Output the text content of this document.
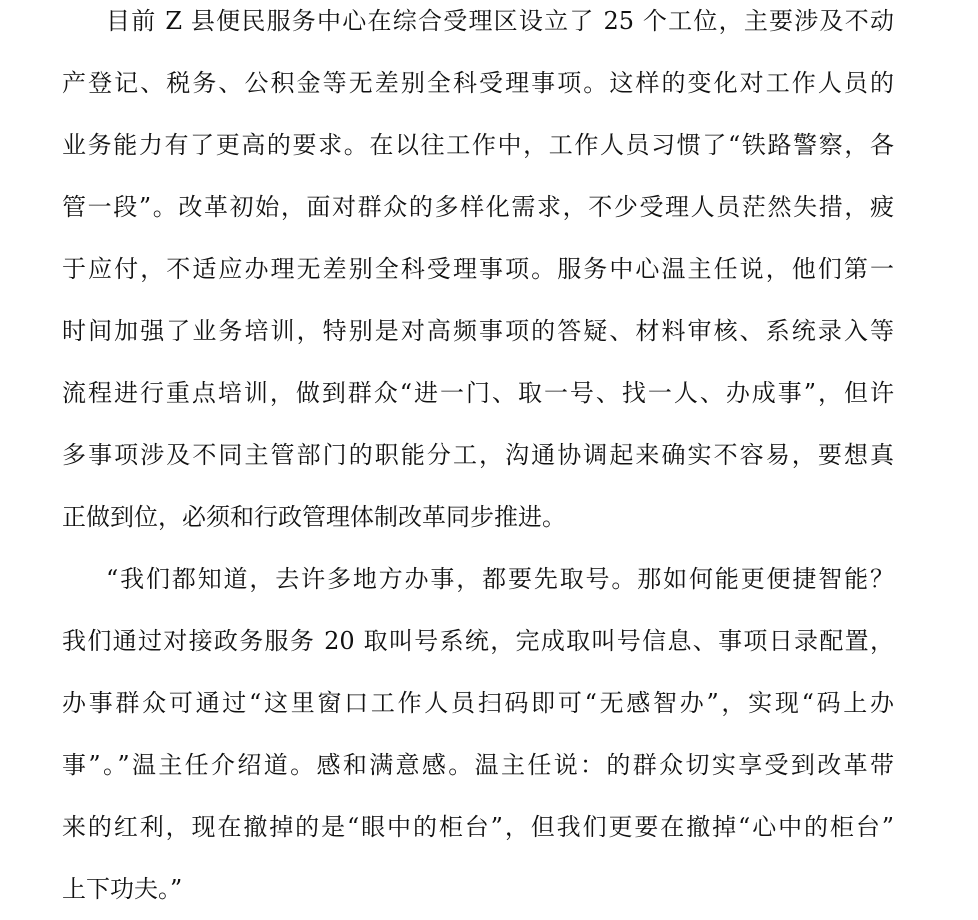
目前 Z 县便民服务中心在综合受理区设立了 25 个工位，主要涉及不动
产登记、税务、公积金等无差别全科受理事项。这样的变化对工作人员的
业务能力有了更高的要求。在以往工作中，工作人员习惯了“铁路警察，各
管一段”。改革初始，面对群众的多样化需求，不少受理人员茫然失措，疲
于应付，不适应办理无差别全科受理事项。服务中心温主任说，他们第一
时间加强了业务培训，特别是对高频事项的答疑、材料审核、系统录入等
流程进行重点培训，做到群众“进一门、取一号、找一人、办成事”，但许
多事项涉及不同主管部门的职能分工，沟通协调起来确实不容易，要想真
正做到位，必须和行政管理体制改革同步推进。
“我们都知道，去许多地方办事，都要先取号。那如何能更便捷智能？
我们通过对接政务服务 20 取叫号系统，完成取叫号信息、事项日录配置，
办事群众可通过“这里窗口工作人员扫码即可“无感智办”，实现“码上办
事”。”温主任介绍道。感和满意感。温主任说：的群众切实享受到改革带
来的红利，现在撤掉的是“眼中的柜台”，但我们更要在撤掉“心中的柜台”
上下功夫。”
